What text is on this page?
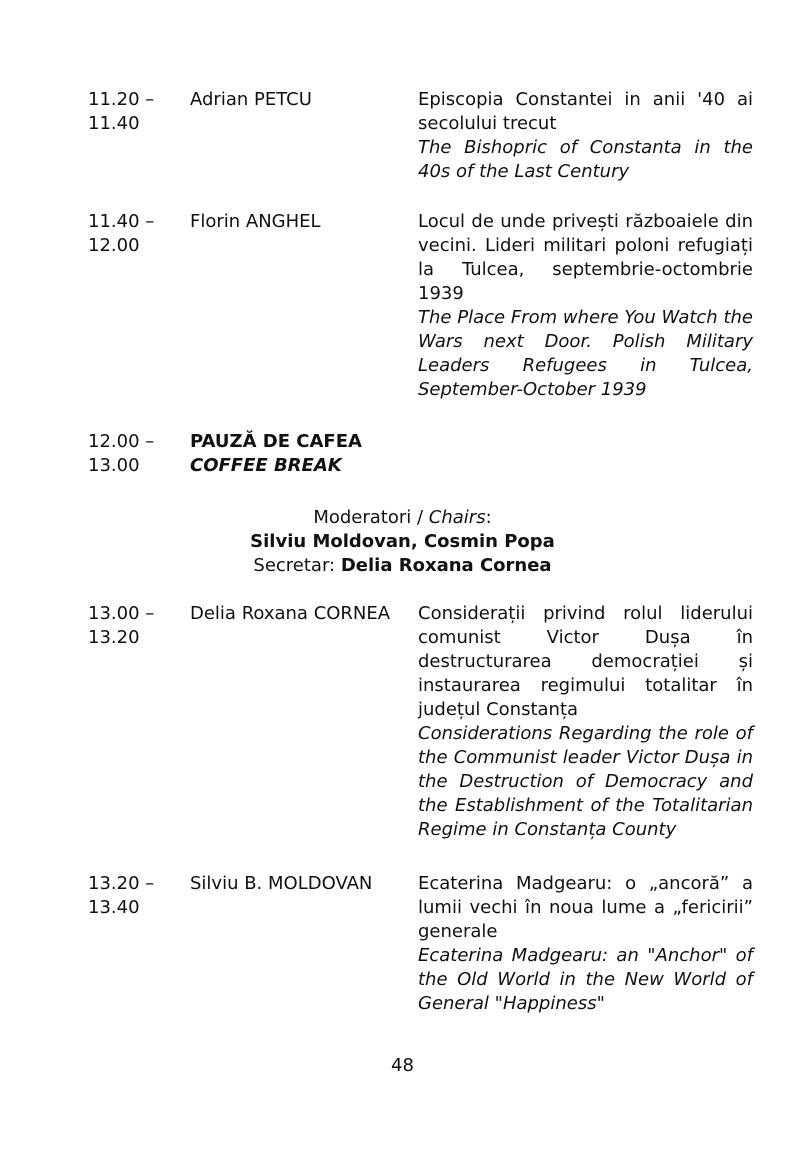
11.20 –
11.40
Adrian PETCU	Episcopia Constantei in anii '40 ai secolului trecut

The Bishopric of Constanta in the 40s of the Last Century

11.40 –
12.00
Florin ANGHEL	Locul de unde privești războaiele din vecini. Lideri militari poloni refugiați la Tulcea, septembrie-octombrie 1939

The Place From where You Watch the Wars next Door. Polish Military Leaders Refugees in Tulcea, September-October 1939

12.00 –
13.00
PAUZĂ DE CAFEA
COFFEE BREAK
Moderatori / Chairs:
Silviu Moldovan, Cosmin Popa
Secretar: Delia Roxana Cornea
13.00 –
13.20
Delia Roxana CORNEA	Considerații privind rolul liderului comunist Victor Dușa în destructurarea democrației și instaurarea regimului totalitar în județul Constanța

Considerations Regarding the role of the Communist leader Victor Dușa in the Destruction of Democracy and the Establishment of the Totalitarian Regime in Constanța County

13.20 –
13.40
Silviu B. MOLDOVAN	Ecaterina Madgearu: o „ancoră” a lumii vechi în noua lume a „fericirii” generale

Ecaterina Madgearu: an "Anchor" of the Old World in the New World of General "Happiness"

48
